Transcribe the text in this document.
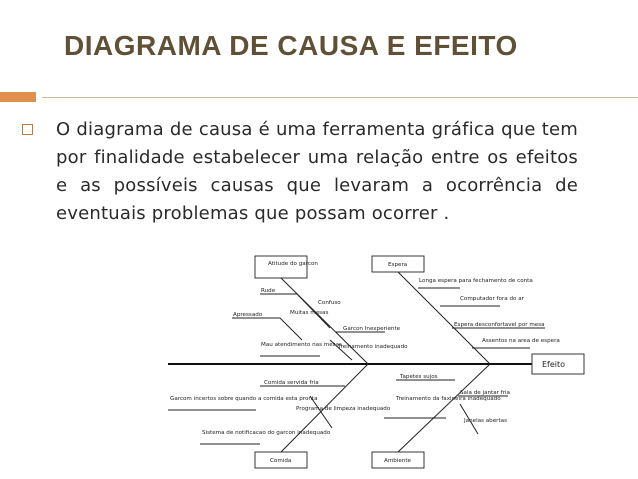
DIAGRAMA DE CAUSA E EFEITO
O diagrama de causa é uma ferramenta gráfica que tem por finalidade estabelecer uma relação entre os efeitos e as possíveis causas que levaram a ocorrência de eventuais problemas que possam ocorrer .
Efeito
Atitude do garcon	Espera
Comida	Ambiente
Rude
Confuso
Apressado	Muitas mesas
Garcon Inexperiente
Mau atendimento nas mesas
Treinamento inadequado
Longa espera para fechamento de conta
Computador fora do ar
Espera desconfortavel por mesa
Assentos na area de espera
Comida servida fria
Garcom incertos sobre quando a comida esta pronta
Programa de limpeza inadequado
Sistema de notificacao do garcon inadequado
Tapetes sujos
Treinamento da faxineira inadequado
Sala de jantar fria
Janelas abertas
